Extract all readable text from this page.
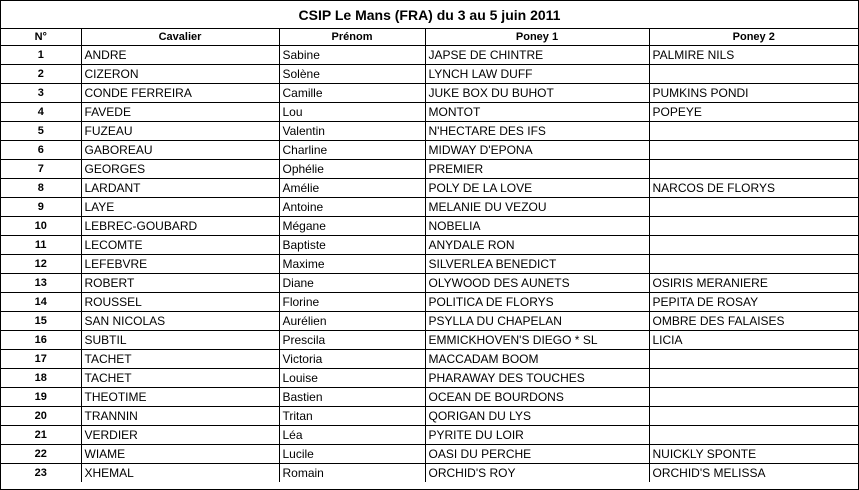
CSIP Le Mans (FRA) du 3 au 5 juin 2011
N°	Cavalier	Prénom	Poney 1	Poney 2
1	ANDRE	Sabine	JAPSE DE CHINTRE	PALMIRE NILS
2	CIZERON	Solène	LYNCH LAW DUFF	
3	CONDE FERREIRA	Camille	JUKE BOX DU BUHOT	PUMKINS PONDI
4	FAVEDE	Lou	MONTOT	POPEYE
5	FUZEAU	Valentin	N'HECTARE DES IFS	
6	GABOREAU	Charline	MIDWAY D'EPONA	
7	GEORGES	Ophélie	PREMIER	
8	LARDANT	Amélie	POLY DE LA LOVE	NARCOS DE FLORYS
9	LAYE	Antoine	MELANIE DU VEZOU	
10	LEBREC-GOUBARD	Mégane	NOBELIA	
11	LECOMTE	Baptiste	ANYDALE RON	
12	LEFEBVRE	Maxime	SILVERLEA BENEDICT	
13	ROBERT	Diane	OLYWOOD DES AUNETS	OSIRIS MERANIERE
14	ROUSSEL	Florine	POLITICA DE FLORYS	PEPITA DE ROSAY
15	SAN NICOLAS	Aurélien	PSYLLA DU CHAPELAN	OMBRE DES FALAISES
16	SUBTIL	Prescila	EMMICKHOVEN'S DIEGO * SL	LICIA
17	TACHET	Victoria	MACCADAM BOOM	
18	TACHET	Louise	PHARAWAY DES TOUCHES	
19	THEOTIME	Bastien	OCEAN DE BOURDONS	
20	TRANNIN	Tritan	QORIGAN DU LYS	
21	VERDIER	Léa	PYRITE DU LOIR	
22	WIAME	Lucile	OASI DU PERCHE	NUICKLY SPONTE
23	XHEMAL	Romain	ORCHID'S ROY	ORCHID'S MELISSA
